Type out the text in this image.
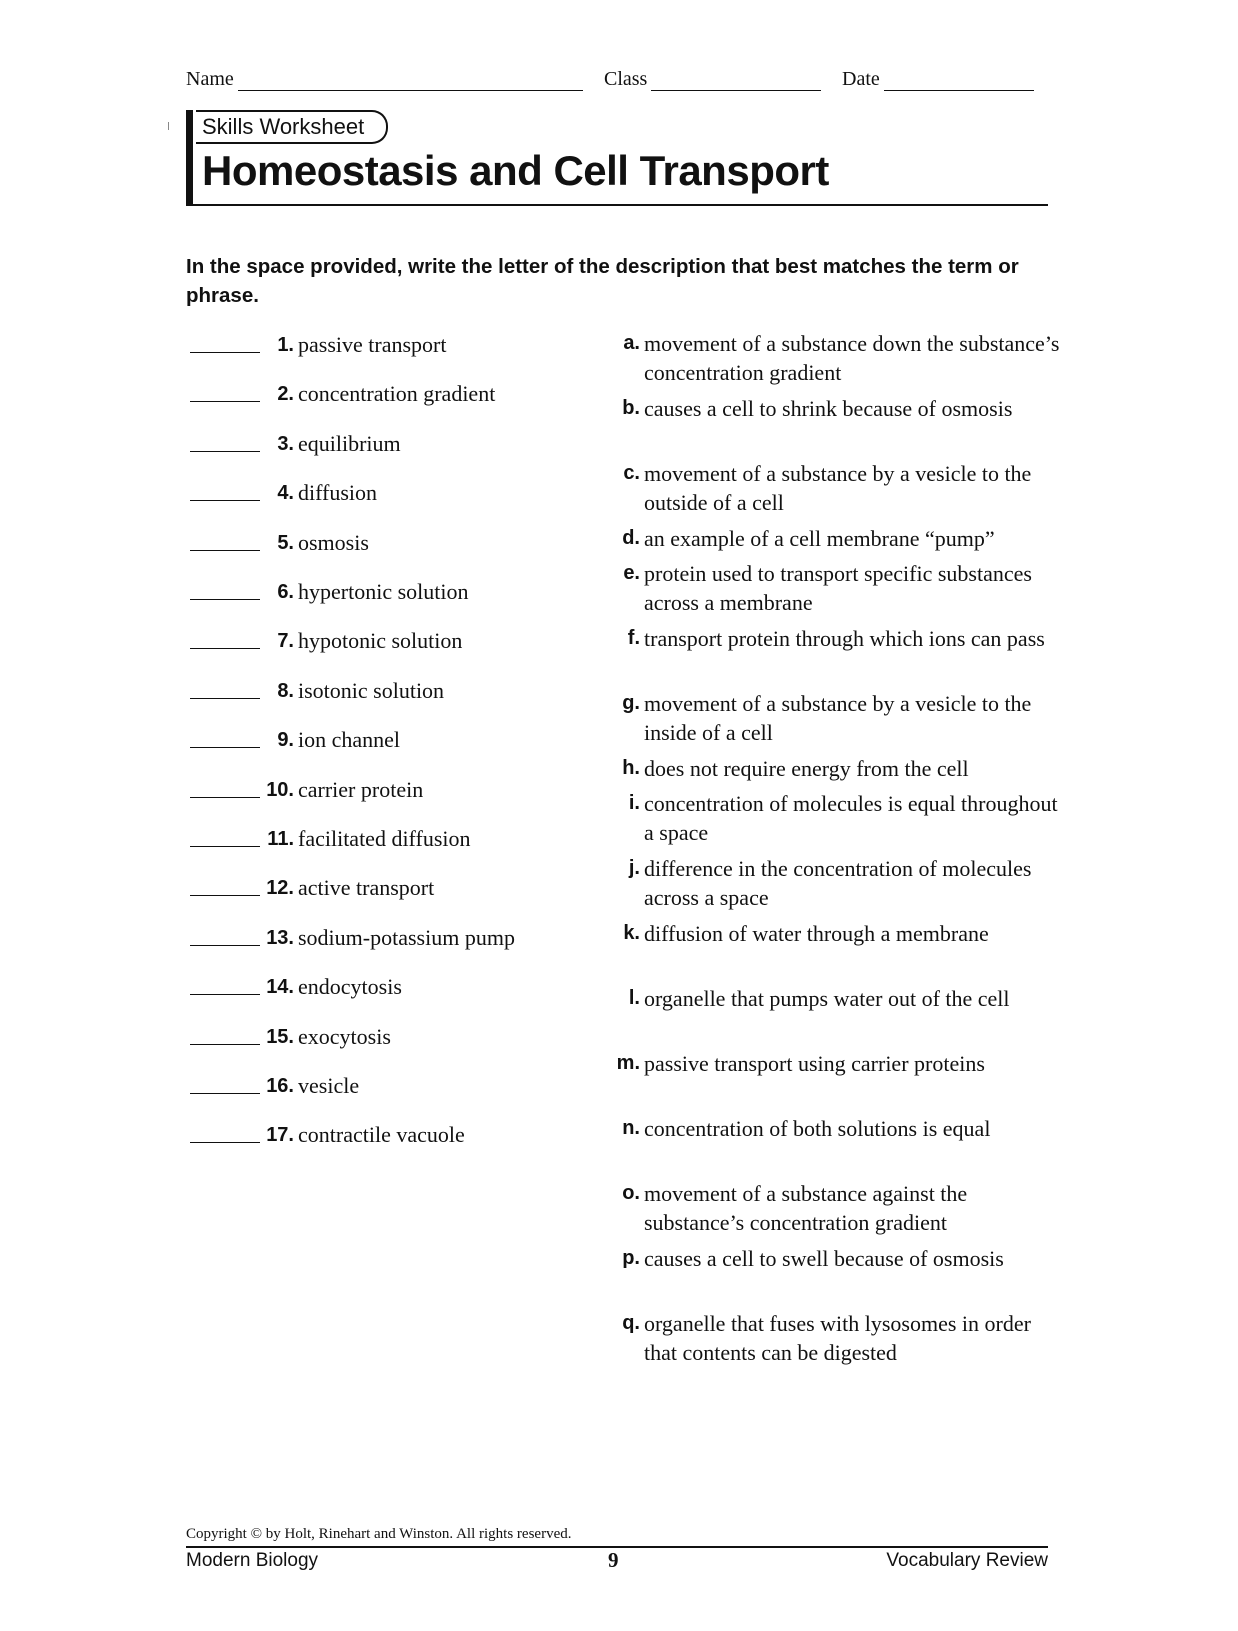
Name	Class	Date
Skills Worksheet
Homeostasis and Cell Transport
In the space provided, write the letter of the description that best matches the term or phrase.
1. passive transport
2. concentration gradient
3. equilibrium
4. diffusion
5. osmosis
6. hypertonic solution
7. hypotonic solution
8. isotonic solution
9. ion channel
10. carrier protein
11. facilitated diffusion
12. active transport
13. sodium-potassium pump
14. endocytosis
15. exocytosis
16. vesicle
17. contractile vacuole
a. movement of a substance down the substance’s concentration gradient
b. causes a cell to shrink because of osmosis
c. movement of a substance by a vesicle to the outside of a cell
d. an example of a cell membrane “pump”
e. protein used to transport specific substances across a membrane
f. transport protein through which ions can pass
g. movement of a substance by a vesicle to the inside of a cell
h. does not require energy from the cell
i. concentration of molecules is equal throughout a space
j. difference in the concentration of molecules across a space
k. diffusion of water through a membrane
l. organelle that pumps water out of the cell
m. passive transport using carrier proteins
n. concentration of both solutions is equal
o. movement of a substance against the substance’s concentration gradient
p. causes a cell to swell because of osmosis
q. organelle that fuses with lysosomes in order that contents can be digested
Copyright © by Holt, Rinehart and Winston. All rights reserved.
Modern Biology	9	Vocabulary Review
